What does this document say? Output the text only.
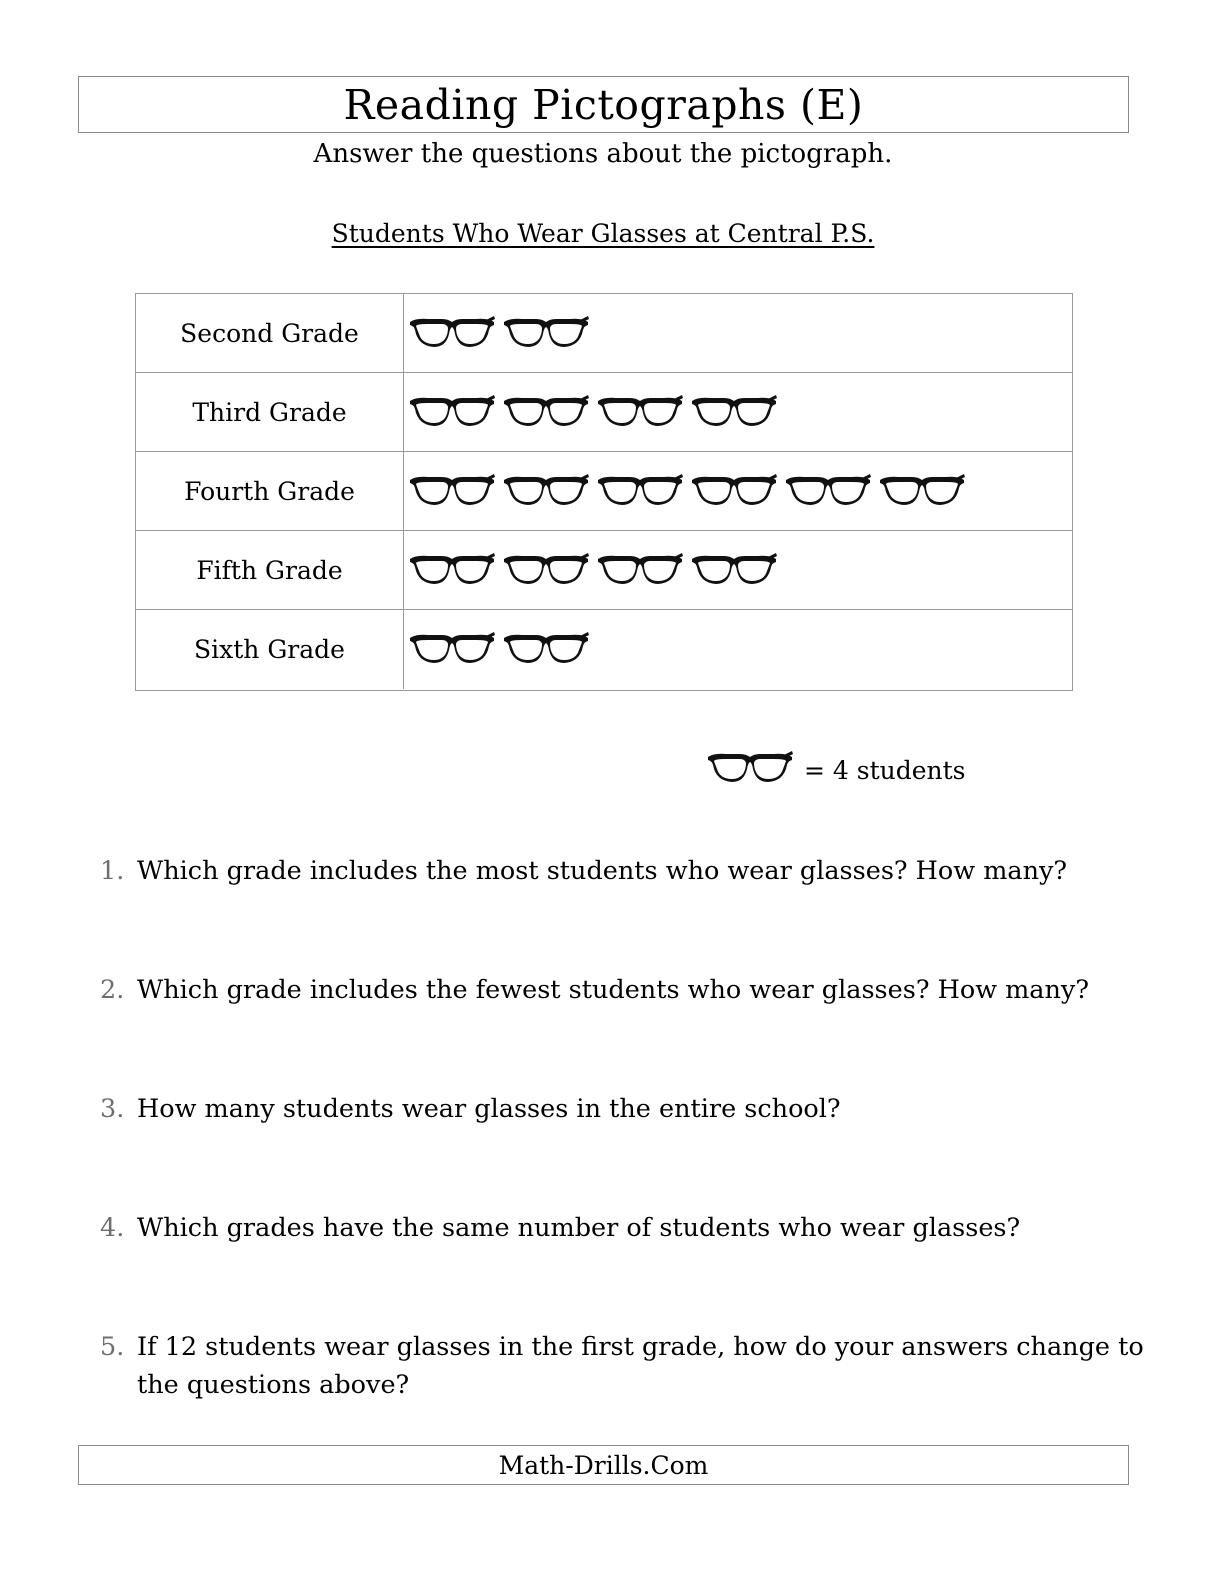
Reading Pictographs (E)
Answer the questions about the pictograph.
Students Who Wear Glasses at Central P.S.
Second Grade
Third Grade
Fourth Grade
Fifth Grade
Sixth Grade
= 4 students
1. Which grade includes the most students who wear glasses? How many?
2. Which grade includes the fewest students who wear glasses? How many?
3. How many students wear glasses in the entire school?
4. Which grades have the same number of students who wear glasses?
5. If 12 students wear glasses in the first grade, how do your answers change to the questions above?
Math-Drills.Com
